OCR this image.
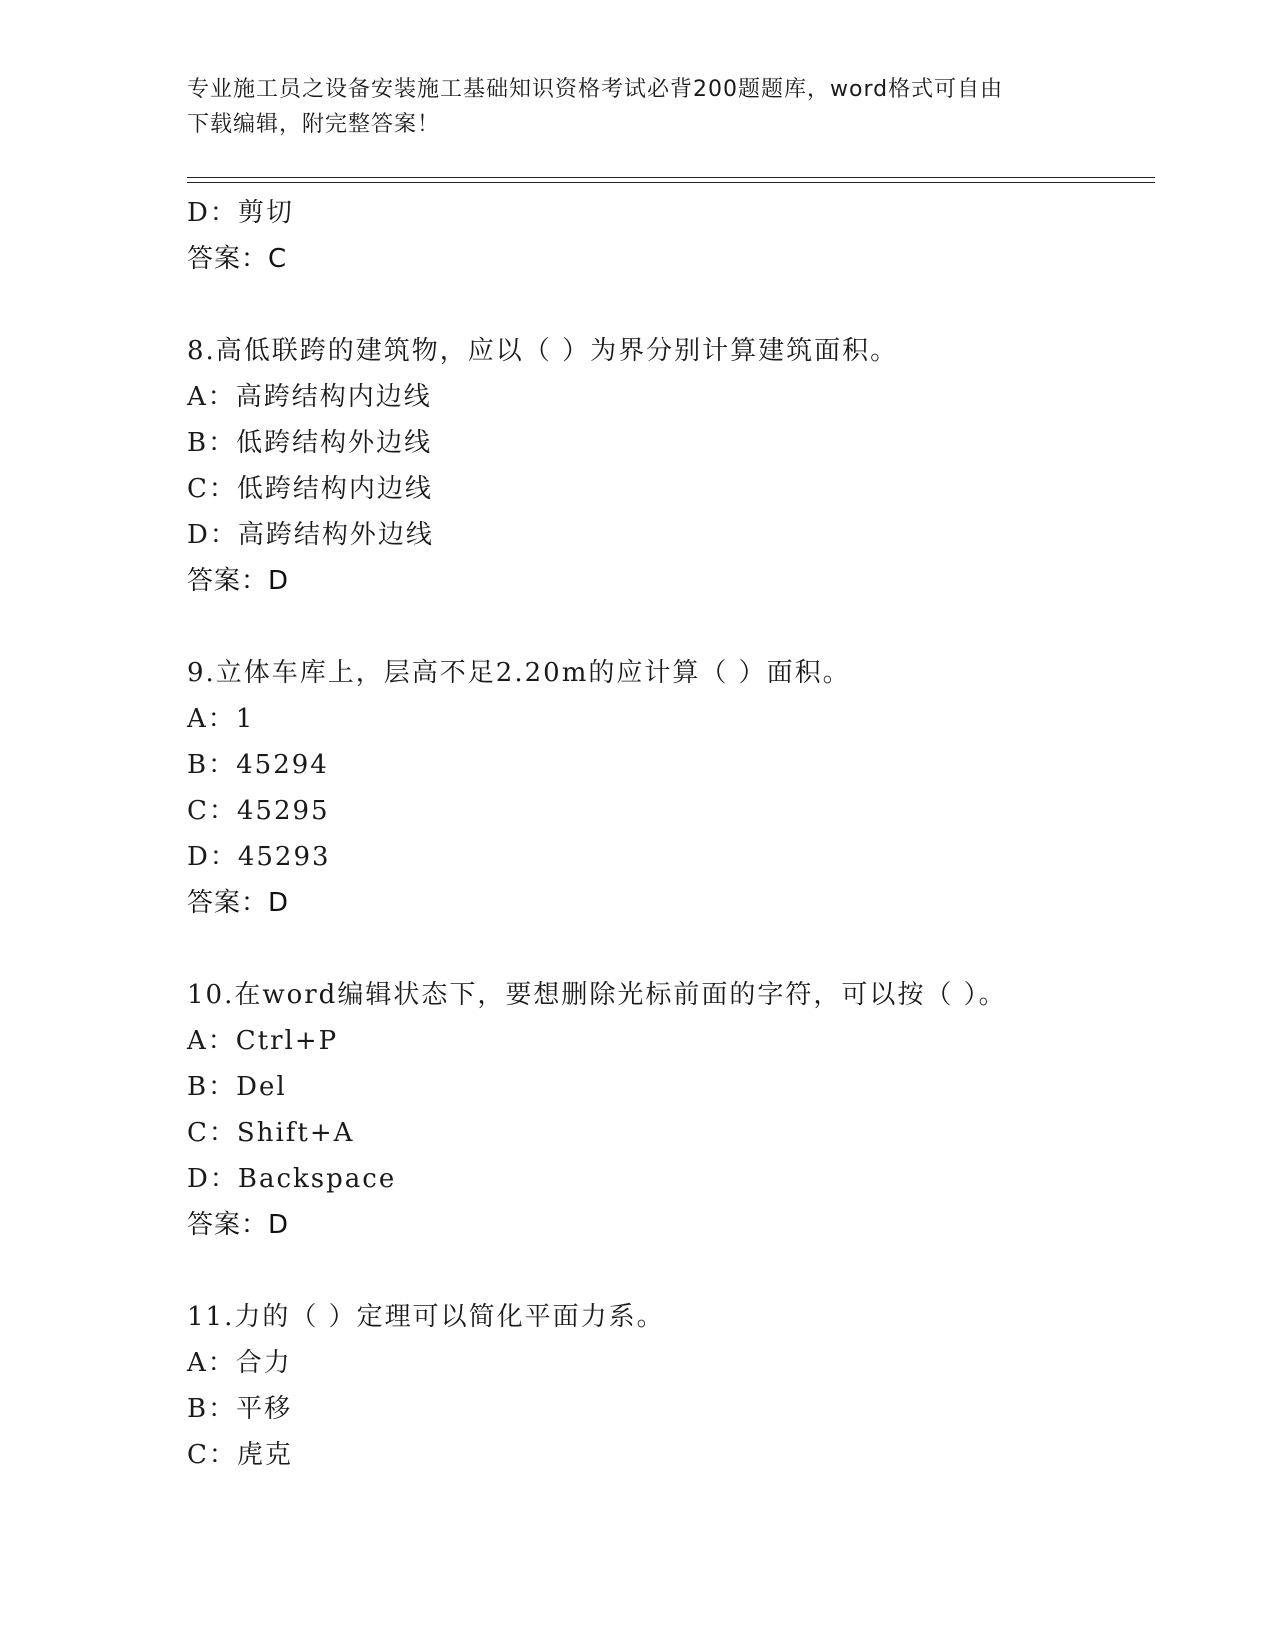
专业施工员之设备安装施工基础知识资格考试必背200题题库，word格式可自由
下载编辑，附完整答案！
D：剪切
答案：C
8.高低联跨的建筑物，应以（ ）为界分别计算建筑面积。
A：高跨结构内边线
B：低跨结构外边线
C：低跨结构内边线
D：高跨结构外边线
答案：D
9.立体车库上，层高不足2.20m的应计算（ ）面积。
A：1
B：45294
C：45295
D：45293
答案：D
10.在word编辑状态下，要想删除光标前面的字符，可以按（ ）。
A：Ctrl+P
B：Del
C：Shift+A
D：Backspace
答案：D
11.力的（ ）定理可以简化平面力系。
A：合力
B：平移
C：虎克
